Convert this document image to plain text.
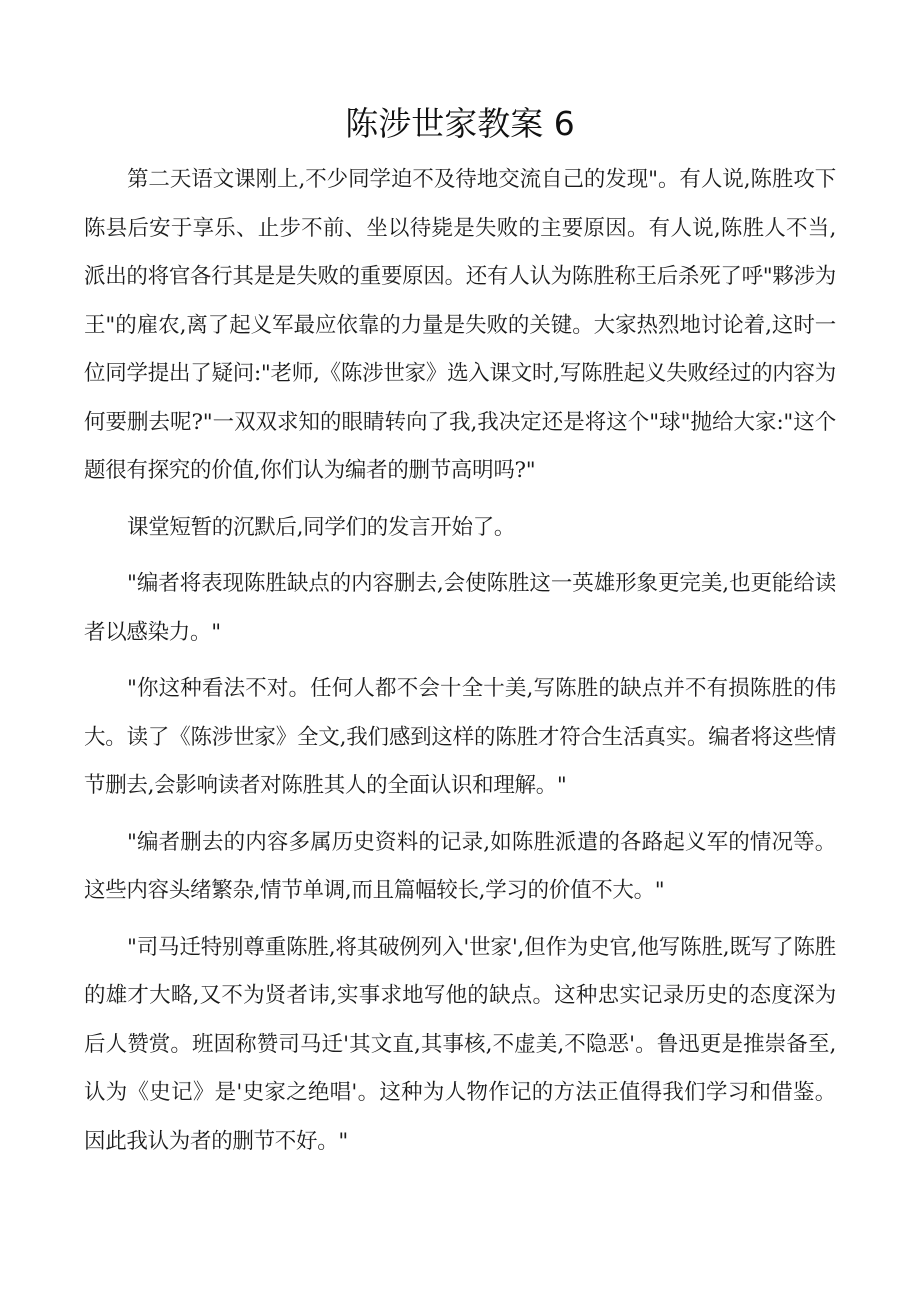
陈涉世家教案 6

第二天语文课刚上,不少同学迫不及待地交流自己的发现"。有人说,陈胜攻下陈县后安于享乐、止步不前、坐以待毙是失败的主要原因。有人说,陈胜人不当,派出的将官各行其是是失败的重要原因。还有人认为陈胜称王后杀死了呼"夥涉为王"的雇农,离了起义军最应依靠的力量是失败的关键。大家热烈地讨论着,这时一位同学提出了疑问:"老师,《陈涉世家》选入课文时,写陈胜起义失败经过的内容为何要删去呢?"一双双求知的眼睛转向了我,我决定还是将这个"球"抛给大家:"这个题很有探究的价值,你们认为编者的删节高明吗?"

课堂短暂的沉默后,同学们的发言开始了。

"编者将表现陈胜缺点的内容删去,会使陈胜这一英雄形象更完美,也更能给读者以感染力。"

"你这种看法不对。任何人都不会十全十美,写陈胜的缺点并不有损陈胜的伟大。读了《陈涉世家》全文,我们感到这样的陈胜才符合生活真实。编者将这些情节删去,会影响读者对陈胜其人的全面认识和理解。"

"编者删去的内容多属历史资料的记录,如陈胜派遣的各路起义军的情况等。这些内容头绪繁杂,情节单调,而且篇幅较长,学习的价值不大。"

"司马迁特别尊重陈胜,将其破例列入'世家',但作为史官,他写陈胜,既写了陈胜的雄才大略,又不为贤者讳,实事求地写他的缺点。这种忠实记录历史的态度深为后人赞赏。班固称赞司马迁'其文直,其事核,不虚美,不隐恶'。鲁迅更是推崇备至,认为《史记》是'史家之绝唱'。这种为人物作记的方法正值得我们学习和借鉴。因此我认为者的删节不好。"
